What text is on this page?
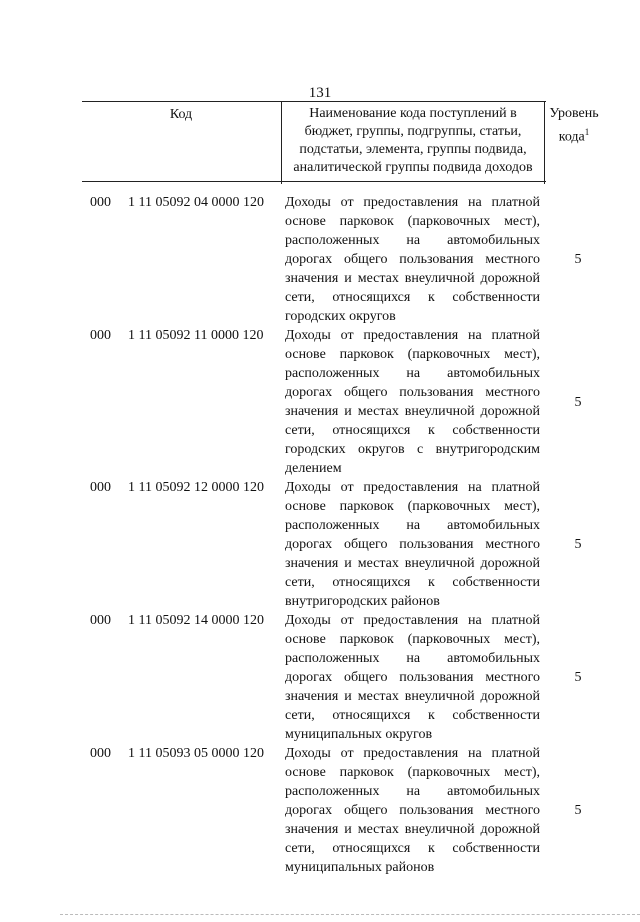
131
Код	Наименование кода поступлений в
бюджет, группы, подгруппы, статьи,
подстатьи, элемента, группы подвида,
аналитической группы подвида доходов
Уровень
кода$^1$
000 1 11 05092 04 0000 120 Доходы от предоставления на платной
основе парковок (парковочных мест),
расположенных на автомобильных
дорогах общего пользования местного
значения и местах внеуличной дорожной
сети, относящихся к собственности
городских округов
5
000 1 11 05092 11 0000 120 Доходы от предоставления на платной
основе парковок (парковочных мест),
расположенных на автомобильных
дорогах общего пользования местного
значения и местах внеуличной дорожной
сети, относящихся к собственности
городских округов с внутригородским
делением
5
000 1 11 05092 12 0000 120 Доходы от предоставления на платной
основе парковок (парковочных мест),
расположенных на автомобильных
дорогах общего пользования местного
значения и местах внеуличной дорожной
сети, относящихся к собственности
внутригородских районов
5
000 1 11 05092 14 0000 120 Доходы от предоставления на платной
основе парковок (парковочных мест),
расположенных на автомобильных
дорогах общего пользования местного
значения и местах внеуличной дорожной
сети, относящихся к собственности
муниципальных округов
5
000 1 11 05093 05 0000 120 Доходы от предоставления на платной
основе парковок (парковочных мест),
расположенных на автомобильных
дорогах общего пользования местного
значения и местах внеуличной дорожной
сети, относящихся к собственности
муниципальных районов
5
